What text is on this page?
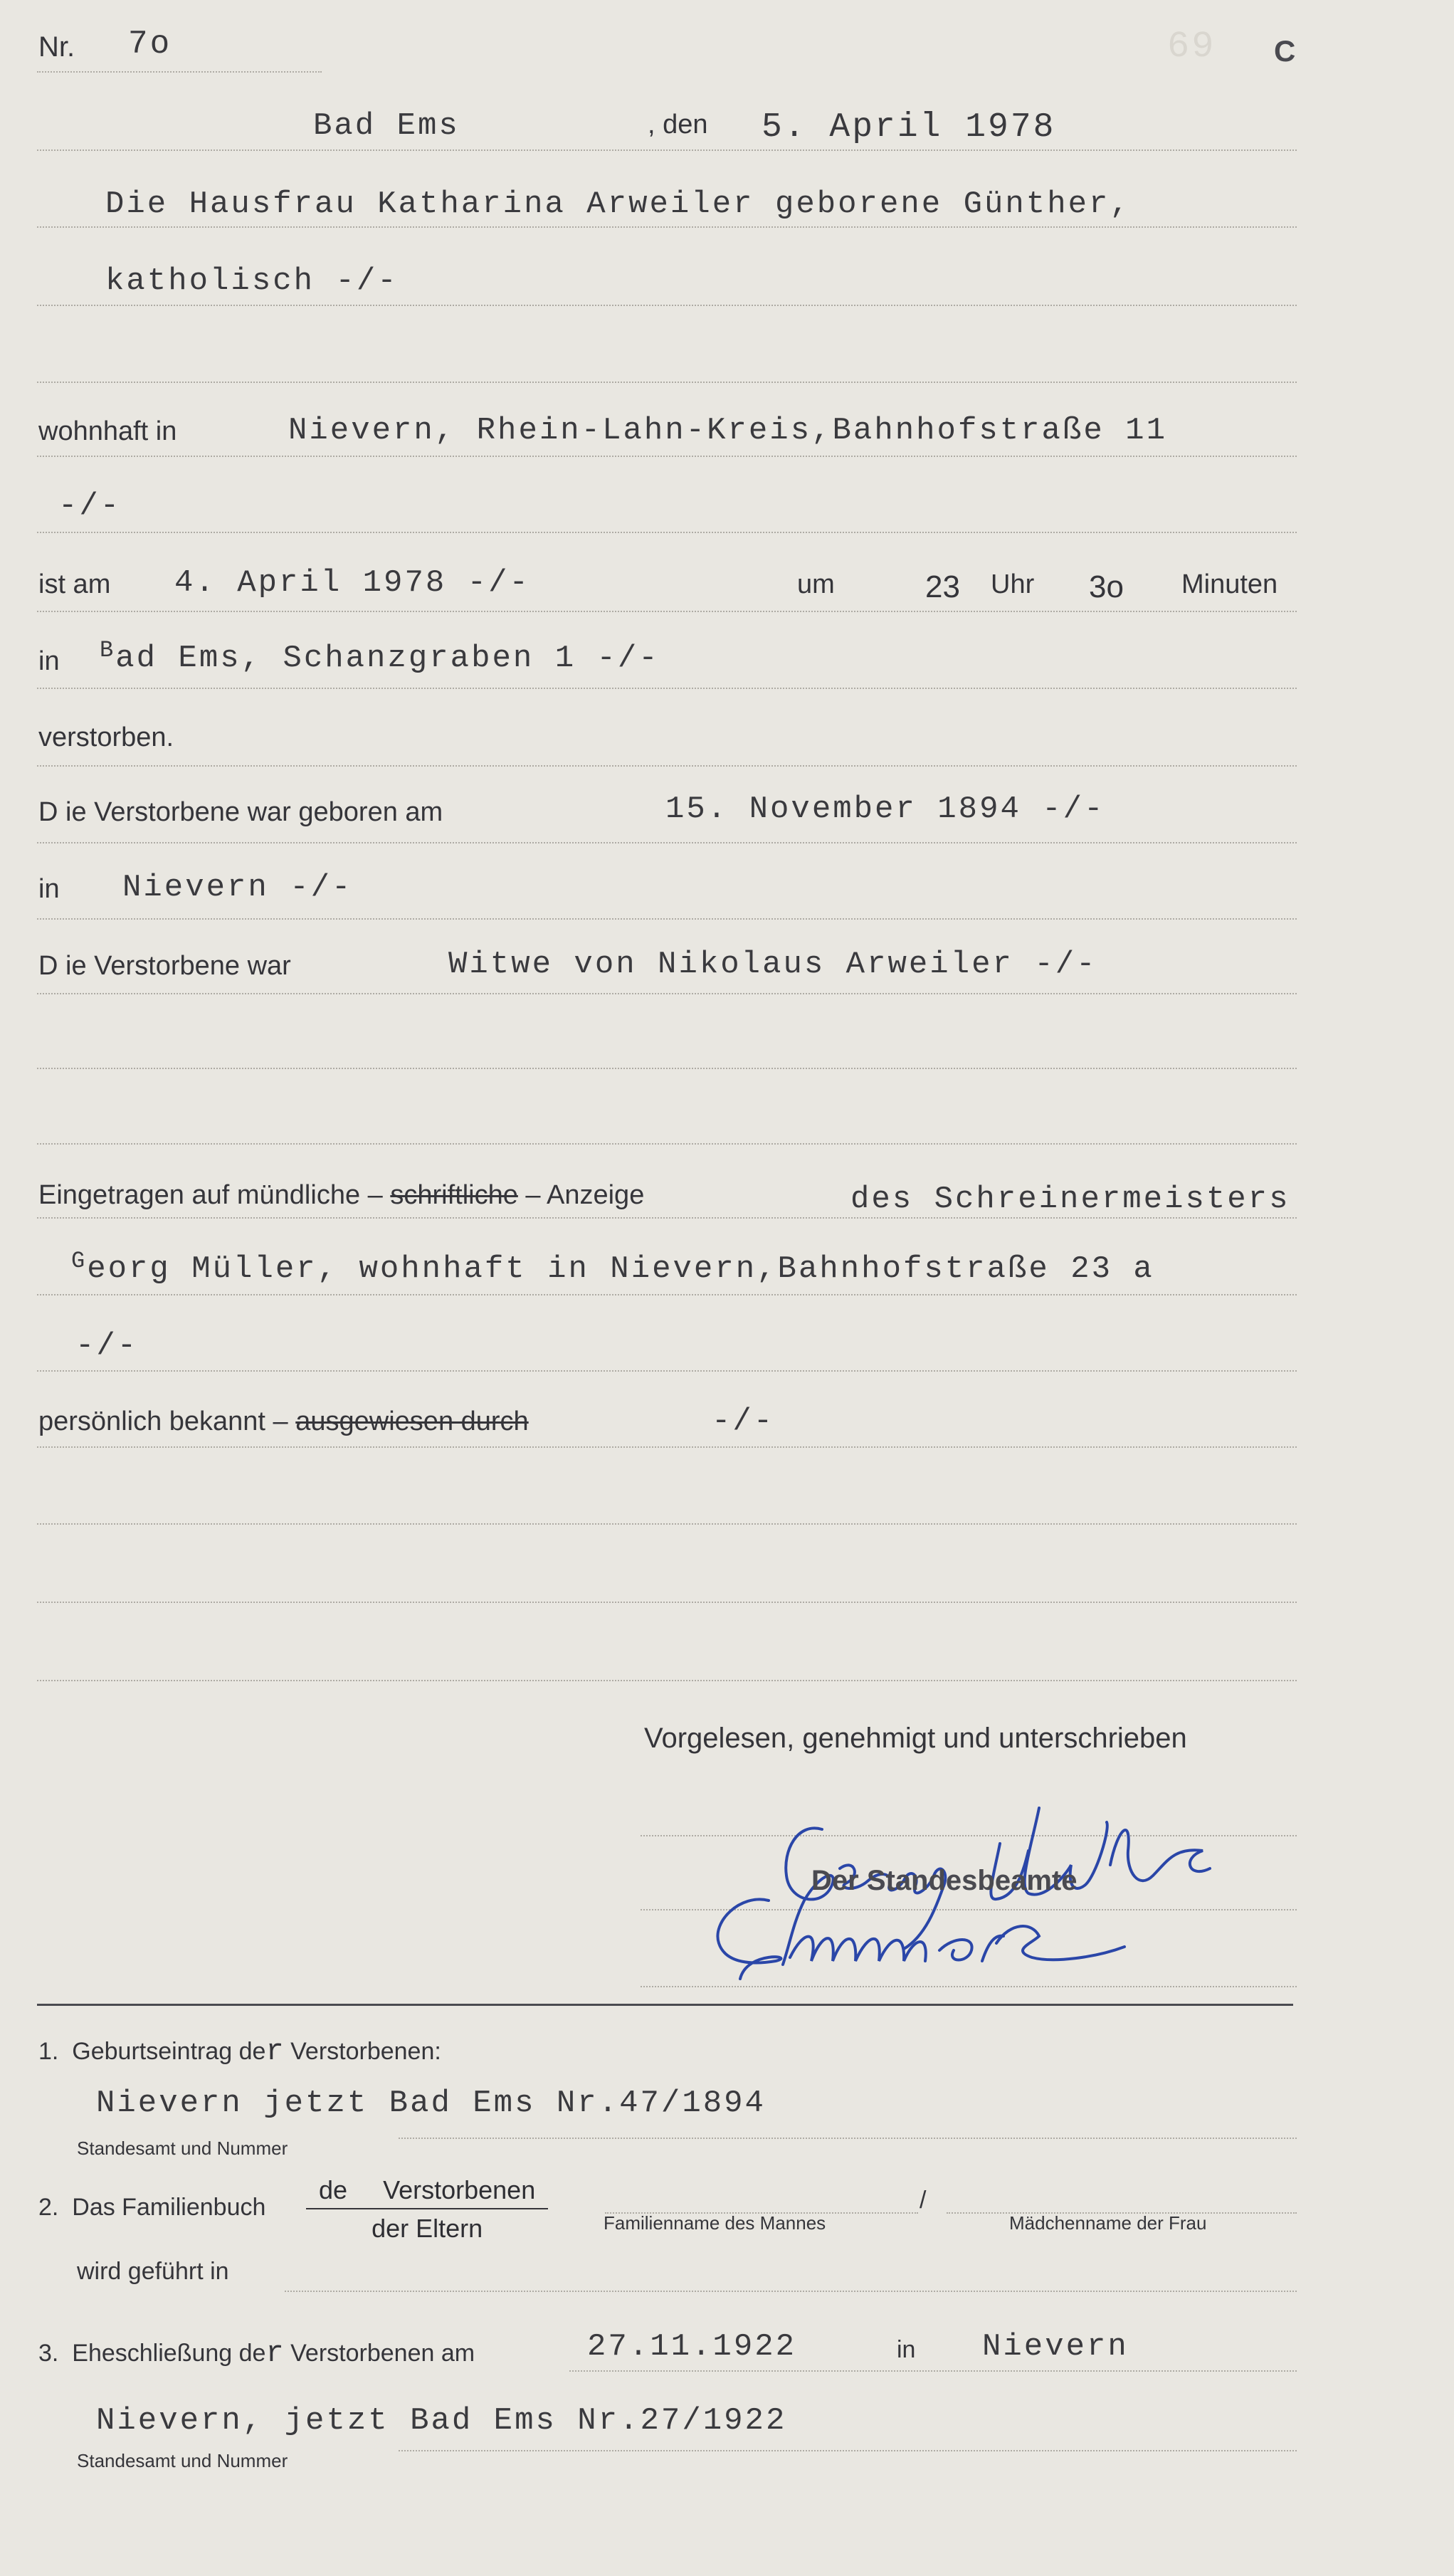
69
Nr. 7o	C
Bad Ems	, den 5. April 1978
Die Hausfrau Katharina Arweiler geborene Günther,
katholisch -/-
wohnhaft in	Nievern, Rhein-Lahn-Kreis,Bahnhofstraße 11
-/-
ist am 4. April 1978 -/-	um	23 Uhr 3o Minuten
in $^B$ad Ems, Schanzgraben 1 -/-
verstorben.
D ie Verstorbene war geboren am	15. November 1894 -/-
in Nievern -/-
D ie Verstorbene war	Witwe von Nikolaus Arweiler -/-
Eingetragen auf mündliche – schriftliche – Anzeige	des Schreinermeisters
$^G$eorg Müller, wohnhaft in Nievern,Bahnhofstraße 23 a
-/-
persönlich bekannt – ausgewiesen durch	-/-
Vorgelesen, genehmigt und unterschrieben
Der Standesbeamte
1. Geburtseintrag der Verstorbenen:
Nievern jetzt Bad Ems Nr.47/1894
Standesamt und Nummer
2. Das Familienbuch
de Verstorbenen
der Eltern	Familienname des Mannes
/
Mädchenname der Frau
wird geführt in
3. Eheschließung der Verstorbenen am	27.11.1922	in Nievern
Nievern, jetzt Bad Ems Nr.27/1922
Standesamt und Nummer
